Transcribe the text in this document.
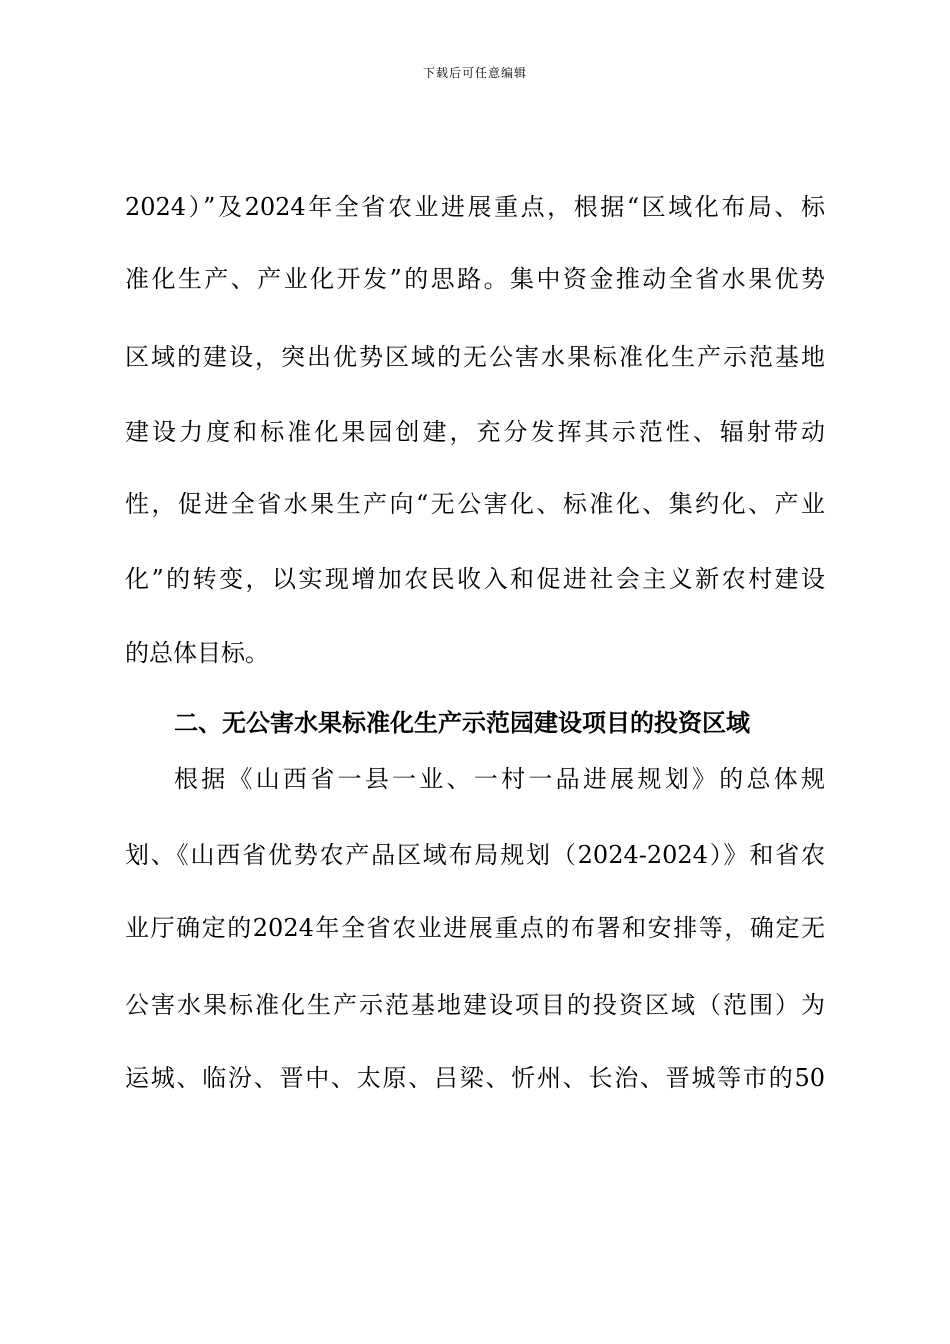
下载后可任意编辑
2024）”及2024年全省农业进展重点，根据“区域化布局、标
准化生产、产业化开发”的思路。集中资金推动全省水果优势
区域的建设，突出优势区域的无公害水果标准化生产示范基地
建设力度和标准化果园创建，充分发挥其示范性、辐射带动
性，促进全省水果生产向“无公害化、标准化、集约化、产业
化”的转变，以实现增加农民收入和促进社会主义新农村建设
的总体目标。
二、无公害水果标准化生产示范园建设项目的投资区域
根据《山西省一县一业、一村一品进展规划》的总体规
划、《山西省优势农产品区域布局规划（2024-2024）》和省农
业厅确定的2024年全省农业进展重点的布署和安排等，确定无
公害水果标准化生产示范基地建设项目的投资区域（范围）为
运城、临汾、晋中、太原、吕梁、忻州、长治、晋城等市的50
